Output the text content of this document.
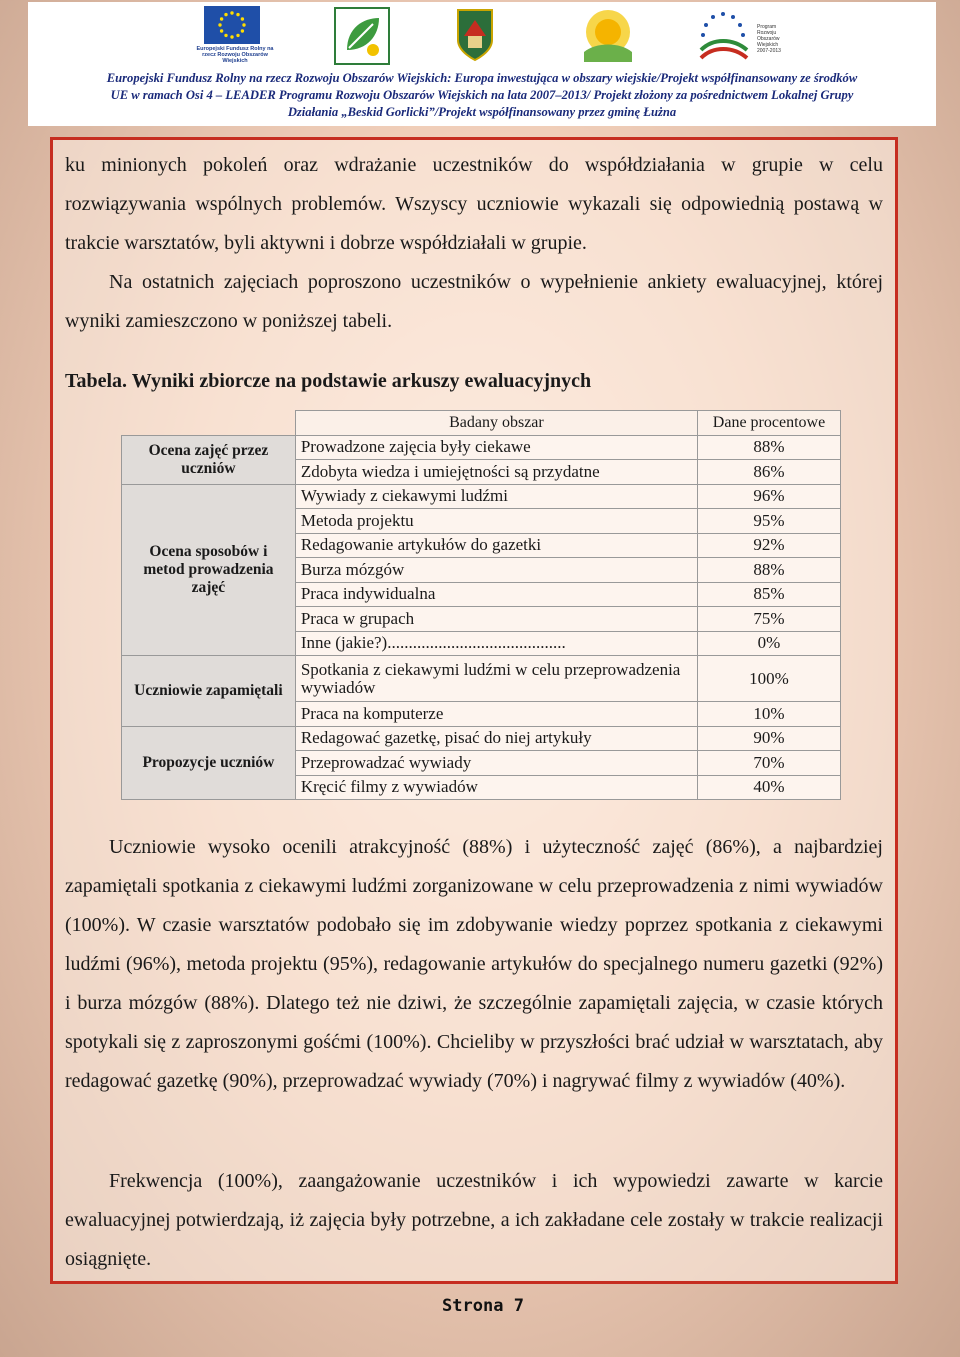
Europejski Fundusz Rolny na rzecz Rozwoju Obszarów Wiejskich
Program Rozwoju Obszarów Wiejskich 2007-2013
Europejski Fundusz Rolny na rzecz Rozwoju Obszarów Wiejskich: Europa inwestująca w obszary wiejskie/Projekt współfinansowany ze środków
UE w ramach Osi 4 – LEADER Programu Rozwoju Obszarów Wiejskich na lata 2007–2013/ Projekt złożony za pośrednictwem Lokalnej Grupy
Działania „Beskid Gorlicki”/Projekt współfinansowany przez gminę Łużna

ku minionych pokoleń oraz wdrażanie uczestników do współdziałania w grupie w celu rozwiązywania wspólnych problemów. Wszyscy uczniowie wykazali się odpowiednią postawą w trakcie warsztatów, byli aktywni i dobrze współdziałali w grupie.

Na ostatnich zajęciach poproszono uczestników o wypełnienie ankiety ewaluacyjnej, której wyniki zamieszczono w poniższej tabeli.

Tabela. Wyniki zbiorcze na podstawie arkuszy ewaluacyjnych
	Badany obszar	Dane procentowe
Ocena zajęć przez uczniów	Prowadzone zajęcia były ciekawe	88%
	Zdobyta wiedza i umiejętności są przydatne	86%
Ocena sposobów i metod prowadzenia zajęć	Wywiady z ciekawymi ludźmi	96%
	Metoda projektu	95%
	Redagowanie artykułów do gazetki	92%
	Burza mózgów	88%
	Praca indywidualna	85%
	Praca w grupach	75%
	Inne (jakie?)..........................................	0%
Uczniowie zapamiętali	Spotkania z ciekawymi ludźmi w celu przeprowadzenia wywiadów	100%
	Praca na komputerze	10%
Propozycje uczniów	Redagować gazetkę, pisać do niej artykuły	90%
	Przeprowadzać wywiady	70%
	Kręcić filmy z wywiadów	40%

Uczniowie wysoko ocenili atrakcyjność (88%) i użyteczność zajęć (86%), a najbardziej zapamiętali spotkania z ciekawymi ludźmi zorganizowane w celu przeprowadzenia z nimi wywiadów (100%). W czasie warsztatów podobało się im zdobywanie wiedzy poprzez spotkania z ciekawymi ludźmi (96%), metoda projektu (95%), redagowanie artykułów do specjalnego numeru gazetki (92%) i burza mózgów (88%). Dlatego też nie dziwi, że szczególnie zapamiętali zajęcia, w czasie których spotykali się z zaproszonymi gośćmi (100%). Chcieliby w przyszłości brać udział w warsztatach, aby redagować gazetkę (90%), przeprowadzać wywiady (70%) i nagrywać filmy z wywiadów (40%).

Frekwencja (100%), zaangażowanie uczestników i ich wypowiedzi zawarte w karcie ewaluacyjnej potwierdzają, iż zajęcia były potrzebne, a ich zakładane cele zostały w trakcie realizacji osiągnięte.

Strona 7
